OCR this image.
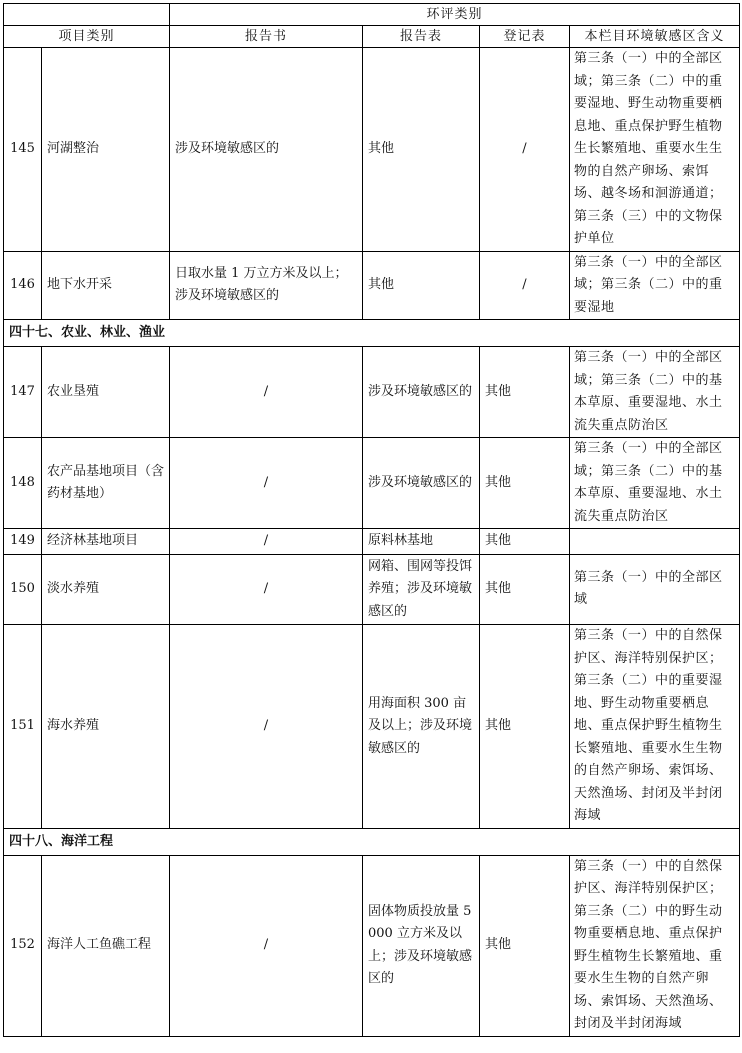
		环评类别			
项目类别		报告书	报告表	登记表	本栏目环境敏感区含义
145	河湖整治	涉及环境敏感区的	其他	/	第三条（一）中的全部区域；第三条（二）中的重要湿地、野生动物重要栖息地、重点保护野生植物生长繁殖地、重要水生生物的自然产卵场、索饵场、越冬场和洄游通道；第三条（三）中的文物保护单位
146	地下水开采	日取水量 1 万立方米及以上；涉及环境敏感区的	其他	/	第三条（一）中的全部区域；第三条（二）中的重要湿地
四十七、农业、林业、渔业					
147	农业垦殖	/	涉及环境敏感区的	其他	第三条（一）中的全部区域；第三条（二）中的基本草原、重要湿地、水土流失重点防治区
148	农产品基地项目（含药材基地）	/	涉及环境敏感区的	其他	第三条（一）中的全部区域；第三条（二）中的基本草原、重要湿地、水土流失重点防治区
149	经济林基地项目	/	原料林基地	其他	
150	淡水养殖	/	网箱、围网等投饵养殖；涉及环境敏感区的	其他	第三条（一）中的全部区域
151	海水养殖	/	用海面积 300 亩及以上；涉及环境敏感区的	其他	第三条（一）中的自然保护区、海洋特别保护区；第三条（二）中的重要湿地、野生动物重要栖息地、重点保护野生植物生长繁殖地、重要水生生物的自然产卵场、索饵场、天然渔场、封闭及半封闭海域
四十八、海洋工程					
152	海洋人工鱼礁工程	/	固体物质投放量 5 000 立方米及以上；涉及环境敏感区的	其他	第三条（一）中的自然保护区、海洋特别保护区；第三条（二）中的野生动物重要栖息地、重点保护野生植物生长繁殖地、重要水生生物的自然产卵场、索饵场、天然渔场、封闭及半封闭海域
